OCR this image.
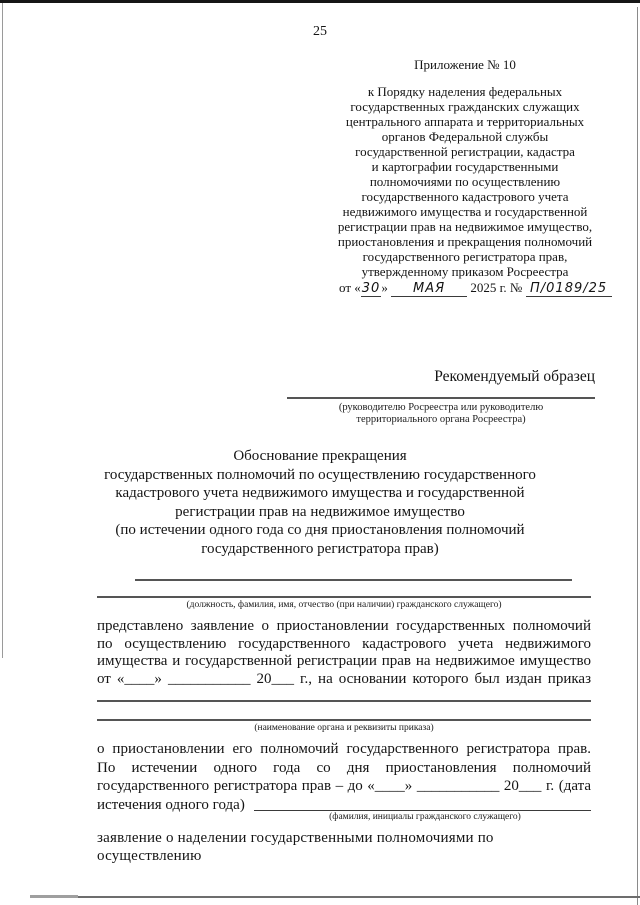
25
Приложение № 10
к Порядку наделения федеральных
государственных гражданских служащих
центрального аппарата и территориальных
органов Федеральной службы
государственной регистрации, кадастра
и картографии государственными
полномочиями по осуществлению
государственного кадастрового учета
недвижимого имущества и государственной
регистрации прав на недвижимое имущество,
приостановления и прекращения полномочий
государственного регистратора прав,
утвержденному приказом Росреестра
от «30» МАЯ 2025 г. № П/0189/25
Рекомендуемый образец
(руководителю Росреестра или руководителю территориального органа Росреестра)
Обоснование прекращения
государственных полномочий по осуществлению государственного
кадастрового учета недвижимого имущества и государственной
регистрации прав на недвижимое имущество
(по истечении одного года со дня приостановления полномочий
государственного регистратора прав)
(должность, фамилия, имя, отчество (при наличии) гражданского служащего)
представлено заявление о приостановлении государственных полномочий
по осуществлению государственного кадастрового учета недвижимого
имущества и государственной регистрации прав на недвижимое имущество
от «____» ___________ 20___ г., на основании которого был издан приказ
(наименование органа и реквизиты приказа)
о приостановлении его полномочий государственного регистратора прав.
По истечении одного года со дня приостановления полномочий
государственного регистратора прав – до «____» ___________ 20___ г. (дата
истечения одного года)
(фамилия, инициалы гражданского служащего)
заявление о наделении государственными полномочиями по осуществлению
